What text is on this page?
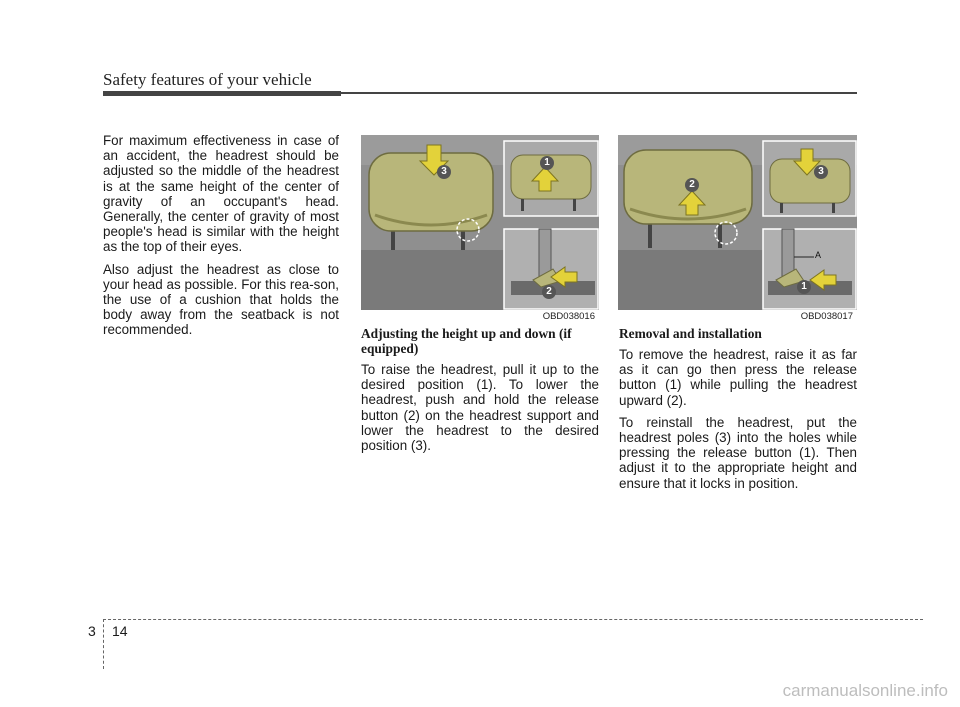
Safety features of your vehicle

For maximum effectiveness in case of an accident, the headrest should be adjusted so the middle of the headrest is at the same height of the center of gravity of an occupant's head. Generally, the center of gravity of most people's head is similar with the height as the top of their eyes.

Also adjust the headrest as close to your head as possible. For this rea-son, the use of a cushion that holds the body away from the seatback is not recommended.

3
1
2
OBD038016
2
3
A
1
OBD038017
Adjusting the height up and down (if equipped)

To raise the headrest, pull it up to the desired position (1). To lower the headrest, push and hold the release button (2) on the headrest support and lower the headrest to the desired position (3).

Removal and installation

To remove the headrest, raise it as far as it can go then press the release button (1) while pulling the headrest upward (2).

To reinstall the headrest, put the headrest poles (3) into the holes while pressing the release button (1). Then adjust it to the appropriate height and ensure that it locks in position.

3 14
carmanualsonline.info
